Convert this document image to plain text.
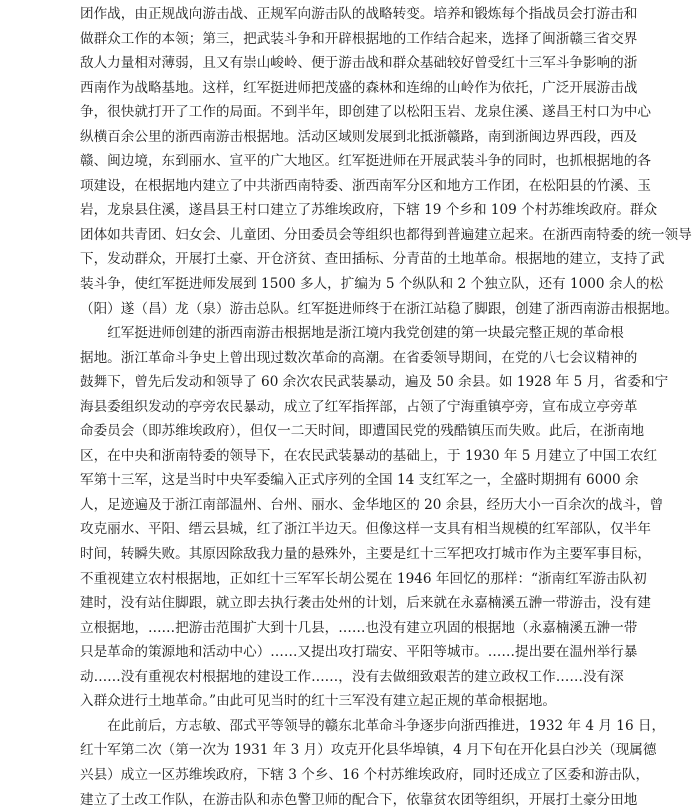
团作战，由正规战向游击战、正规军向游击队的战略转变。培养和锻炼每个指战员会打游击和
做群众工作的本领；第三，把武装斗争和开辟根据地的工作结合起来，选择了闽浙赣三省交界
敌人力量相对薄弱，且又有崇山峻岭、便于游击战和群众基础较好曾受红十三军斗争影响的浙
西南作为战略基地。这样，红军挺进师把茂盛的森林和连绵的山岭作为依托，广泛开展游击战
争，很快就打开了工作的局面。不到半年，即创建了以松阳玉岩、龙泉住溪、遂昌王村口为中心
纵横百余公里的浙西南游击根据地。活动区域则发展到北抵浙赣路，南到浙闽边界西段，西及
赣、闽边境，东到丽水、宣平的广大地区。红军挺进师在开展武装斗争的同时，也抓根据地的各
项建设，在根据地内建立了中共浙西南特委、浙西南军分区和地方工作团，在松阳县的竹溪、玉
岩，龙泉县住溪，遂昌县王村口建立了苏维埃政府，下辖 19 个乡和 109 个村苏维埃政府。群众
团体如共青团、妇女会、儿童团、分田委员会等组织也都得到普遍建立起来。在浙西南特委的统一领导
下，发动群众，开展打土豪、开仓济贫、查田插标、分青苗的土地革命。根据地的建立，支持了武
装斗争，使红军挺进师发展到 1500 多人，扩编为 5 个纵队和 2 个独立队，还有 1000 余人的松
（阳）遂（昌）龙（泉）游击总队。红军挺进师终于在浙江站稳了脚跟，创建了浙西南游击根据地。
红军挺进师创建的浙西南游击根据地是浙江境内我党创建的第一块最完整正规的革命根
据地。浙江革命斗争史上曾出现过数次革命的高潮。在省委领导期间，在党的八七会议精神的
鼓舞下，曾先后发动和领导了 60 余次农民武装暴动，遍及 50 余县。如 1928 年 5 月，省委和宁
海县委组织发动的亭旁农民暴动，成立了红军指挥部，占领了宁海重镇亭旁，宣布成立亭旁革
命委员会（即苏维埃政府），但仅一二天时间，即遭国民党的残酷镇压而失败。此后，在浙南地
区，在中央和浙南特委的领导下，在农民武装暴动的基础上，于 1930 年 5 月建立了中国工农红
军第十三军，这是当时中央军委编入正式序列的全国 14 支红军之一，全盛时期拥有 6000 余
人，足迹遍及于浙江南部温州、台州、丽水、金华地区的 20 余县，经历大小一百余次的战斗，曾
攻克丽水、平阳、缙云县城，红了浙江半边天。但像这样一支具有相当规模的红军部队，仅半年
时间，转瞬失败。其原因除敌我力量的悬殊外，主要是红十三军把攻打城市作为主要军事目标，
不重视建立农村根据地，正如红十三军军长胡公冕在 1946 年回忆的那样：“浙南红军游击队初
建时，没有站住脚跟，就立即去执行袭击处州的计划，后来就在永嘉楠溪五㴢一带游击，没有建
立根据地，……把游击范围扩大到十几县，……也没有建立巩固的根据地（永嘉楠溪五㴢一带
只是革命的策源地和活动中心）……又提出攻打瑞安、平阳等城市。……提出要在温州举行暴
动……没有重视农村根据地的建设工作……，没有去做细致艰苦的建立政权工作……没有深
入群众进行土地革命。”由此可见当时的红十三军没有建立起正规的革命根据地。
在此前后，方志敏、邵式平等领导的赣东北革命斗争逐步向浙西推进，1932 年 4 月 16 日，
红十军第二次（第一次为 1931 年 3 月）攻克开化县华埠镇，4 月下旬在开化县白沙关（现属德
兴县）成立一区苏维埃政府，下辖 3 个乡、16 个村苏维埃政府，同时还成立了区委和游击队，
建立了土改工作队，在游击队和赤色警卫师的配合下，依靠贫农团等组织，开展打土豪分田地
